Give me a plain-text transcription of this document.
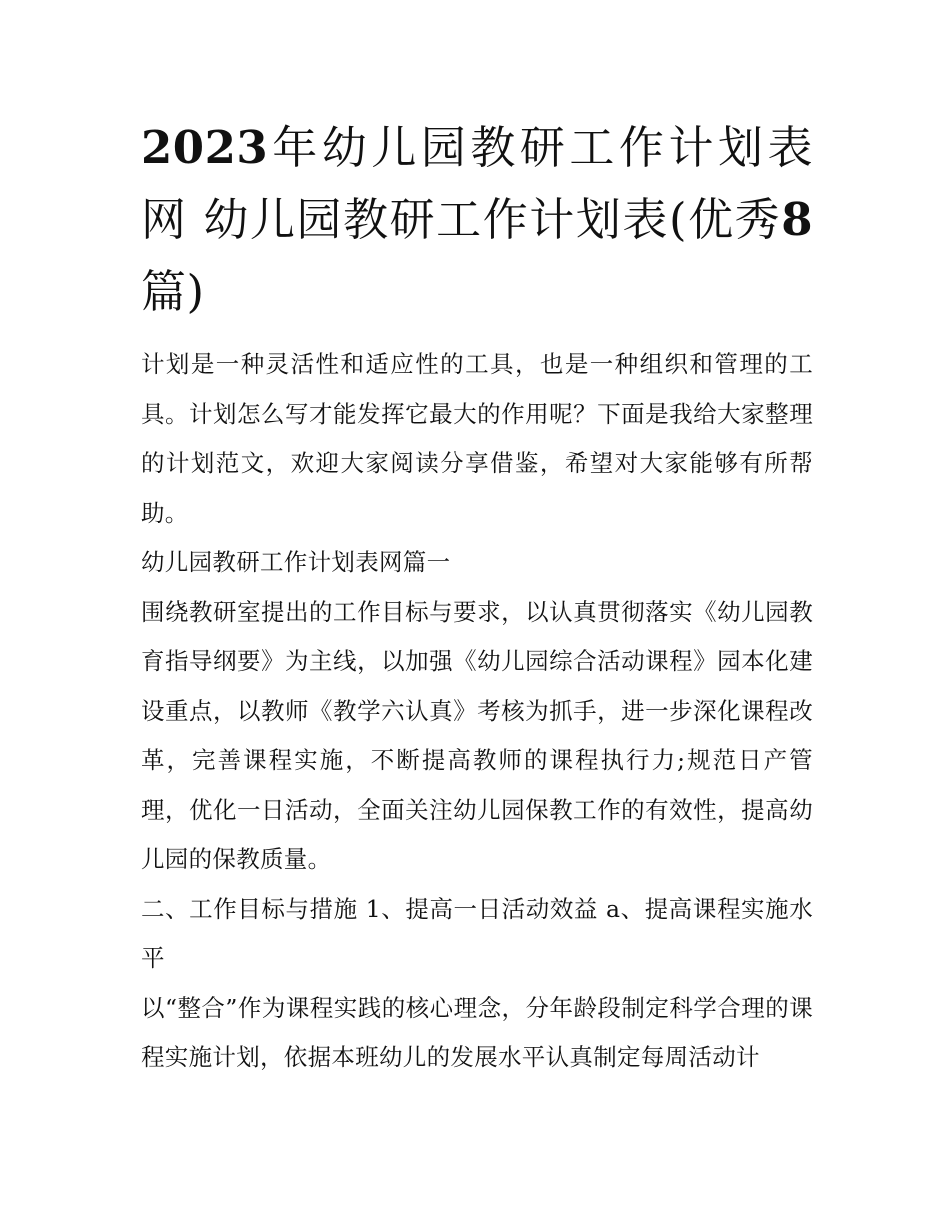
2023年幼儿园教研工作计划表网 幼儿园教研工作计划表(优秀8篇)

计划是一种灵活性和适应性的工具，也是一种组织和管理的工具。计划怎么写才能发挥它最大的作用呢？下面是我给大家整理的计划范文，欢迎大家阅读分享借鉴，希望对大家能够有所帮助。

幼儿园教研工作计划表网篇一

围绕教研室提出的工作目标与要求，以认真贯彻落实《幼儿园教育指导纲要》为主线，以加强《幼儿园综合活动课程》园本化建设重点，以教师《教学六认真》考核为抓手，进一步深化课程改革，完善课程实施，不断提高教师的课程执行力;规范日产管理，优化一日活动，全面关注幼儿园保教工作的有效性，提高幼儿园的保教质量。

二、工作目标与措施 1、提高一日活动效益 a、提高课程实施水平

以“整合”作为课程实践的核心理念，分年龄段制定科学合理的课程实施计划，依据本班幼儿的发展水平认真制定每周活动计
